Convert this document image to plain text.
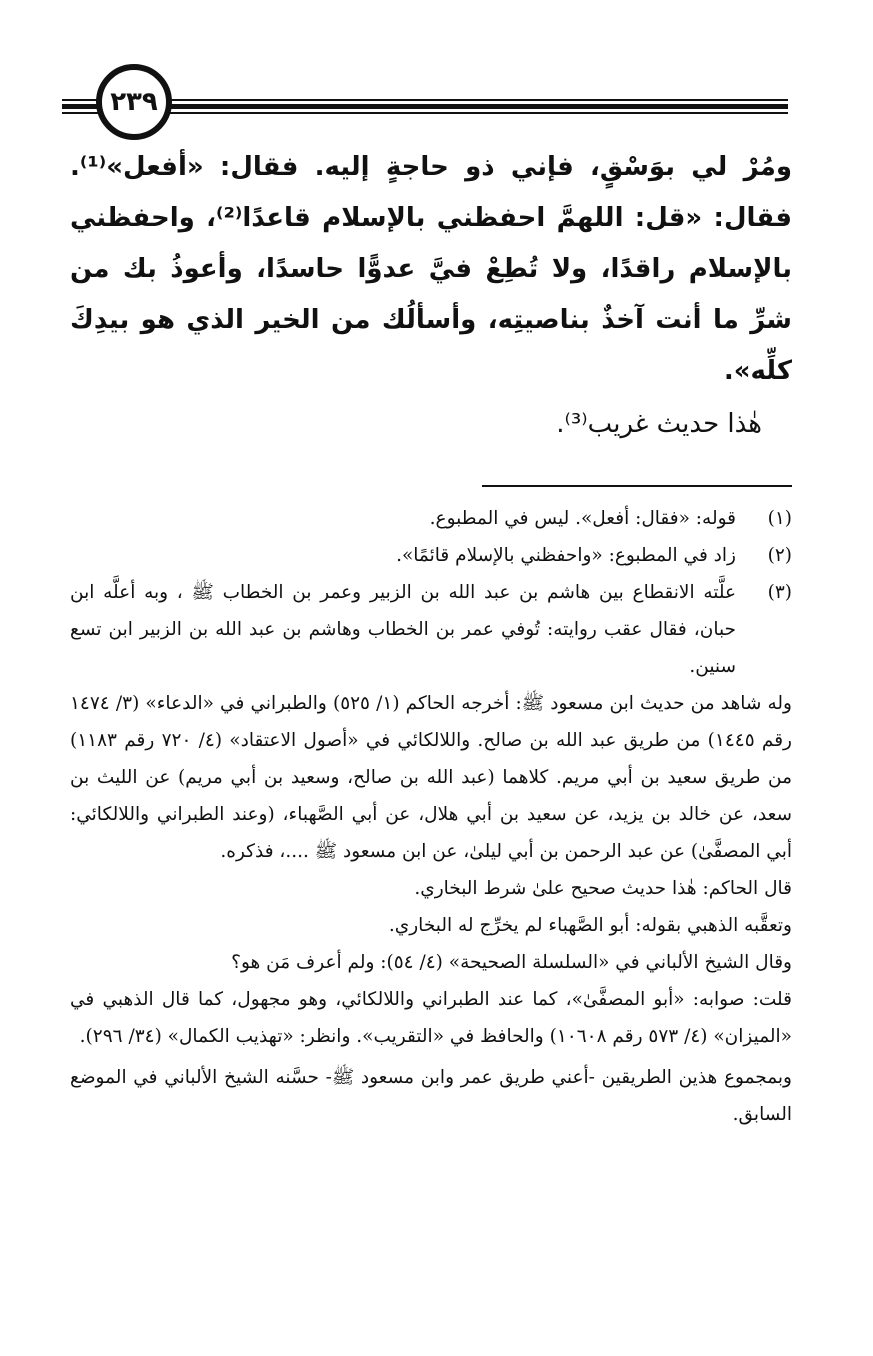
٢٣٩

ومُرْ لي بوَسْقٍ، فإني ذو حاجةٍ إليه. فقال: «أفعل»⁽¹⁾. فقال: «قل: اللهمَّ احفظني بالإسلام قاعدًا⁽²⁾، واحفظني بالإسلام راقدًا، ولا تُطِعْ فيَّ عدوًّا حاسدًا، وأعوذُ بك من شرِّ ما أنت آخذٌ بناصيتِه، وأسألُك من الخير الذي هو بيدِكَ كلِّه».

هٰذا حديث غريب⁽³⁾.

(١)
قوله: «فقال: أفعل». ليس في المطبوع.
(٢)
زاد في المطبوع: «واحفظني بالإسلام قائمًا».
(٣)
علَّته الانقطاع بين هاشم بن عبد الله بن الزبير وعمر بن الخطاب ﷺ ، وبه أعلَّه ابن حبان، فقال عقب روايته: تُوفي عمر بن الخطاب وهاشم بن عبد الله بن الزبير ابن تسع سنين.

وله شاهد من حديث ابن مسعود ﷺ: أخرجه الحاكم (١/ ٥٢٥) والطبراني في «الدعاء» (٣/ ١٤٧٤ رقم ١٤٤٥) من طريق عبد الله بن صالح. واللالكائي في «أصول الاعتقاد» (٤/ ٧٢٠ رقم ١١٨٣) من طريق سعيد بن أبي مريم. كلاهما (عبد الله بن صالح، وسعيد بن أبي مريم) عن الليث بن سعد، عن خالد بن يزيد، عن سعيد بن أبي هلال، عن أبي الصَّهباء، (وعند الطبراني واللالكائي: أبي المصفَّىٰ) عن عبد الرحمن بن أبي ليلىٰ، عن ابن مسعود ﷺ ....، فذكره.

قال الحاكم: هٰذا حديث صحيح علىٰ شرط البخاري.

وتعقَّبه الذهبي بقوله: أبو الصَّهباء لم يخرِّج له البخاري.

وقال الشيخ الألباني في «السلسلة الصحيحة» (٤/ ٥٤): ولم أعرف مَن هو؟

قلت: صوابه: «أبو المصفَّىٰ»، كما عند الطبراني واللالكائي، وهو مجهول، كما قال الذهبي في «الميزان» (٤/ ٥٧٣ رقم ١٠٦٠٨) والحافظ في «التقريب». وانظر: «تهذيب الكمال» (٣٤/ ٢٩٦).

وبمجموع هذين الطريقين -أعني طريق عمر وابن مسعود ﷺ- حسَّنه الشيخ الألباني في الموضع السابق.
